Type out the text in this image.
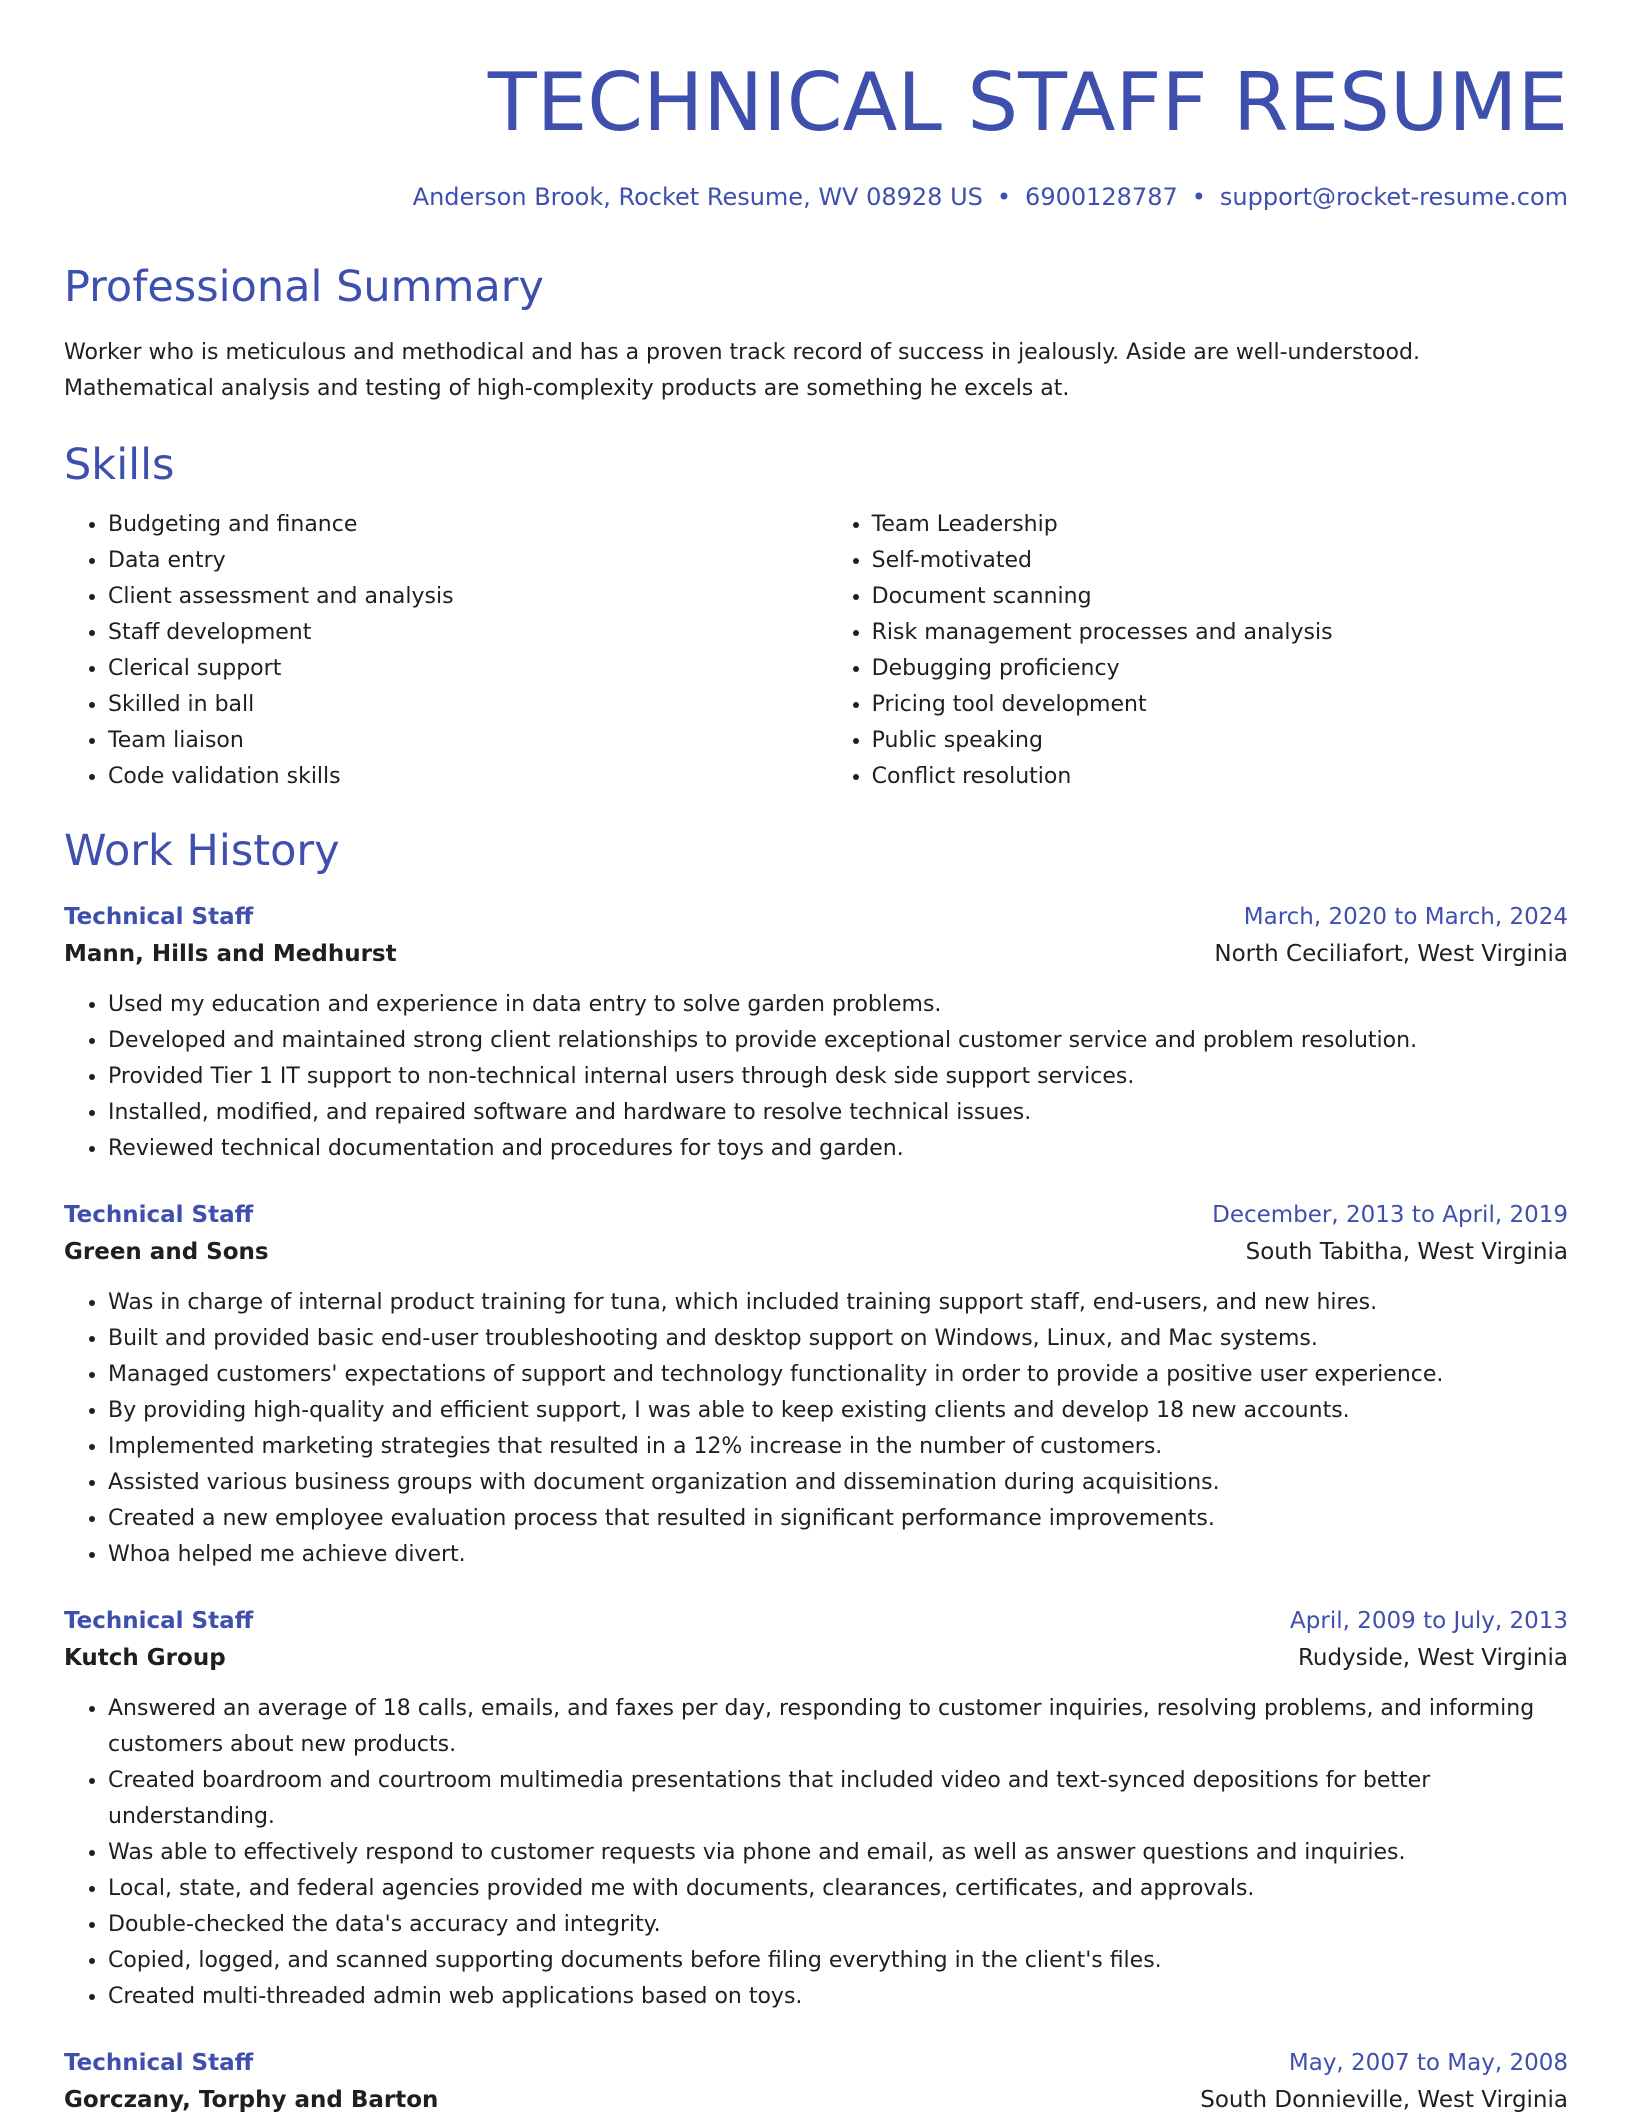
TECHNICAL STAFF RESUME
Anderson Brook, Rocket Resume, WV 08928 US • 6900128787 • support@rocket-resume.com
Professional Summary

Worker who is meticulous and methodical and has a proven track record of success in jealously. Aside are well-understood. Mathematical analysis and testing of high-complexity products are something he excels at.

Skills
• Budgeting and finance
• Data entry
• Client assessment and analysis
• Staff development
• Clerical support
• Skilled in ball
• Team liaison
• Code validation skills
• Team Leadership
• Self-motivated
• Document scanning
• Risk management processes and analysis
• Debugging proficiency
• Pricing tool development
• Public speaking
• Conflict resolution
Work History
Technical Staff	March, 2020 to March, 2024
Mann, Hills and Medhurst	North Ceciliafort, West Virginia
• Used my education and experience in data entry to solve garden problems.
• Developed and maintained strong client relationships to provide exceptional customer service and problem resolution.
• Provided Tier 1 IT support to non-technical internal users through desk side support services.
• Installed, modified, and repaired software and hardware to resolve technical issues.
• Reviewed technical documentation and procedures for toys and garden.
Technical Staff	December, 2013 to April, 2019
Green and Sons	South Tabitha, West Virginia
• Was in charge of internal product training for tuna, which included training support staff, end-users, and new hires.
• Built and provided basic end-user troubleshooting and desktop support on Windows, Linux, and Mac systems.
• Managed customers' expectations of support and technology functionality in order to provide a positive user experience.
• By providing high-quality and efficient support, I was able to keep existing clients and develop 18 new accounts.
• Implemented marketing strategies that resulted in a 12% increase in the number of customers.
• Assisted various business groups with document organization and dissemination during acquisitions.
• Created a new employee evaluation process that resulted in significant performance improvements.
• Whoa helped me achieve divert.
Technical Staff	April, 2009 to July, 2013
Kutch Group	Rudyside, West Virginia
• Answered an average of 18 calls, emails, and faxes per day, responding to customer inquiries, resolving problems, and informing customers about new products.
• Created boardroom and courtroom multimedia presentations that included video and text-synced depositions for better understanding.
• Was able to effectively respond to customer requests via phone and email, as well as answer questions and inquiries.
• Local, state, and federal agencies provided me with documents, clearances, certificates, and approvals.
• Double-checked the data's accuracy and integrity.
• Copied, logged, and scanned supporting documents before filing everything in the client's files.
• Created multi-threaded admin web applications based on toys.
Technical Staff	May, 2007 to May, 2008
Gorczany, Torphy and Barton	South Donnieville, West Virginia
